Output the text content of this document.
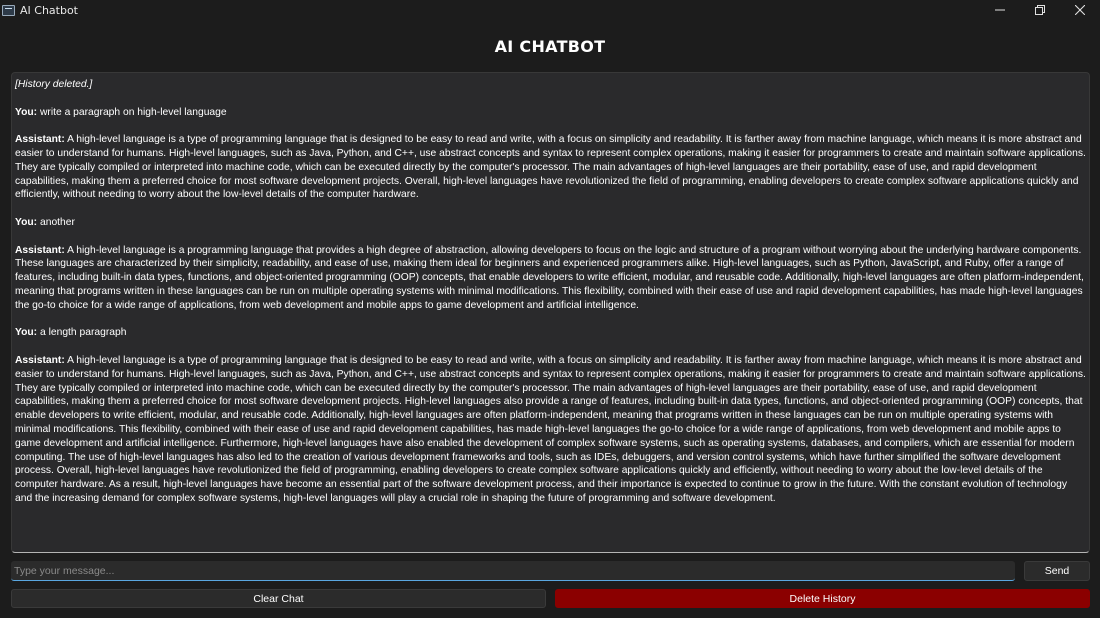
AI Chatbot
AI CHATBOT
[History deleted.]
You: write a paragraph on high-level language
Assistant: A high-level language is a type of programming language that is designed to be easy to read and write, with a focus on simplicity and readability. It is farther away from machine language, which means it is more abstract and easier to understand for humans. High-level languages, such as Java, Python, and C++, use abstract concepts and syntax to represent complex operations, making it easier for programmers to create and maintain software applications. They are typically compiled or interpreted into machine code, which can be executed directly by the computer's processor. The main advantages of high-level languages are their portability, ease of use, and rapid development capabilities, making them a preferred choice for most software development projects. Overall, high-level languages have revolutionized the field of programming, enabling developers to create complex software applications quickly and efficiently, without needing to worry about the low-level details of the computer hardware.
You: another
Assistant: A high-level language is a programming language that provides a high degree of abstraction, allowing developers to focus on the logic and structure of a program without worrying about the underlying hardware components. These languages are characterized by their simplicity, readability, and ease of use, making them ideal for beginners and experienced programmers alike. High-level languages, such as Python, JavaScript, and Ruby, offer a range of features, including built-in data types, functions, and object-oriented programming (OOP) concepts, that enable developers to write efficient, modular, and reusable code. Additionally, high-level languages are often platform-independent, meaning that programs written in these languages can be run on multiple operating systems with minimal modifications. This flexibility, combined with their ease of use and rapid development capabilities, has made high-level languages the go-to choice for a wide range of applications, from web development and mobile apps to game development and artificial intelligence.
You: a length paragraph
Assistant: A high-level language is a type of programming language that is designed to be easy to read and write, with a focus on simplicity and readability. It is farther away from machine language, which means it is more abstract and easier to understand for humans. High-level languages, such as Java, Python, and C++, use abstract concepts and syntax to represent complex operations, making it easier for programmers to create and maintain software applications. They are typically compiled or interpreted into machine code, which can be executed directly by the computer's processor. The main advantages of high-level languages are their portability, ease of use, and rapid development capabilities, making them a preferred choice for most software development projects. High-level languages also provide a range of features, including built-in data types, functions, and object-oriented programming (OOP) concepts, that enable developers to write efficient, modular, and reusable code. Additionally, high-level languages are often platform-independent, meaning that programs written in these languages can be run on multiple operating systems with minimal modifications. This flexibility, combined with their ease of use and rapid development capabilities, has made high-level languages the go-to choice for a wide range of applications, from web development and mobile apps to game development and artificial intelligence. Furthermore, high-level languages have also enabled the development of complex software systems, such as operating systems, databases, and compilers, which are essential for modern computing. The use of high-level languages has also led to the creation of various development frameworks and tools, such as IDEs, debuggers, and version control systems, which have further simplified the software development process. Overall, high-level languages have revolutionized the field of programming, enabling developers to create complex software applications quickly and efficiently, without needing to worry about the low-level details of the computer hardware. As a result, high-level languages have become an essential part of the software development process, and their importance is expected to continue to grow in the future. With the constant evolution of technology and the increasing demand for complex software systems, high-level languages will play a crucial role in shaping the future of programming and software development.
Type your message...
Send
Clear Chat	Delete History
